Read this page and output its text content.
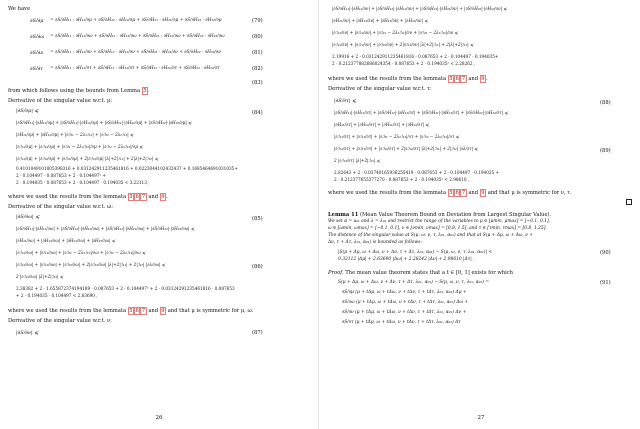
We have
∂S/∂μ = ∂S/∂H₁₁ · ∂H₁₁/∂μ + ∂S/∂H₁₂ · ∂H₁₂/∂μ + ∂S/∂H₂₁ · ∂H₂₁/∂μ + ∂S/∂H₂₂ · ∂H₂₂/∂μ	(79)
∂S/∂ω = ∂S/∂H₁₁ · ∂H₁₁/∂ω + ∂S/∂H₁₂ · ∂H₁₂/∂ω + ∂S/∂H₂₁ · ∂H₂₁/∂ω + ∂S/∂H₂₂ · ∂H₂₂/∂ω	(80)
∂S/∂ν = ∂S/∂H₁₁ · ∂H₁₁/∂ν + ∂S/∂H₁₂ · ∂H₁₂/∂ν + ∂S/∂H₂₁ · ∂H₂₁/∂ν + ∂S/∂H₂₂ · ∂H₂₂/∂ν	(81)
∂S/∂τ = ∂S/∂H₁₁ · ∂H₁₁/∂τ + ∂S/∂H₁₂ · ∂H₁₂/∂τ + ∂S/∂H₂₁ · ∂H₂₁/∂τ + ∂S/∂H₂₂ · ∂H₂₂/∂τ	(82)
(83)
from which follows using the bounds from Lemma 5 .
Derivative of the singular value w.r.t. μ:
|∂S/∂μ| ⩽	(84)
|∂S/∂H₁₁|·|∂H₁₁/∂μ| + |∂S/∂H₁₂|·|∂H₁₂/∂μ| + |∂S/∂H₂₁|·|∂H₂₁/∂μ| + |∂S/∂H₂₂|·|∂H₂₂/∂μ| ⩽
|∂H₁₁/∂μ| + |∂H₁₂/∂μ| + |∂ℐ₂₁ − 2λ₂ℐ₁₂| + |∂ℐ₂₂ − 2λ₂ℐ₁₂| ⩽
|∂ℐ₁₁/∂μ| + |∂ℐ₁₂/∂μ| + |∂ℐ₂₁ − 2λ₂ℐ₁₂|/∂μ + |∂ℐ₂₂ − 2λ₂ℐ₁₂|/∂μ ⩽
|∂ℐ₁₁/∂μ| + |∂ℐ₁₂/∂μ| + |∂ℐ₂₂/∂μ| + 2|∂ℐ₁₂/∂μ| |λ|+2|ℐ₁₁| + 2|λ|+2|ℐ₁₂| ⩽
0.4101049101005398316 + 0.031242911235461816 + 0.0223044102432437 + 0.1685464691031035+
2 · 0.104497 · 0.087653 + 2 · 0.104497² +
2 · 0.194035 · 0.087653 + 2 · 0.104497 · 0.194035 < 3.22113,
where we used the results from the lemmata 5 6 7 and 9 .
Derivative of the singular value w.r.t. ω:
|∂S/∂ω| ⩽	(85)
|∂S/∂H₁₁|·|∂H₁₁/∂ω| + |∂S/∂H₁₂|·|∂H₁₂/∂ω| + |∂S/∂H₂₁|·|∂H₂₁/∂ω| + |∂S/∂H₂₂|·|∂H₂₂/∂ω| ⩽
|∂H₁₁/∂ω| + |∂H₁₂/∂ω| + |∂H₂₁/∂ω| + |∂H₂₂/∂ω| ⩽
|∂ℐ₁₁/∂ω| + |∂ℐ₁₂/∂ω| + |∂ℐ₂₁ − 2λ₂ℐ₁₂|/∂ω + |∂ℐ₂₂ − 2λ₂ℐ₁₂|/∂ω ⩽
|∂ℐ₁₁/∂ω| + |∂ℐ₁₂/∂ω| + |∂ℐ₂₂/∂ω| + 2|∂ℐ₁₂/∂ω| |λ|+2|ℐ₁₁| + 2|ℐ₁₂| |∂λ/∂ω| ⩽	(86)
2 |∂ℐ₁₂/∂ω| |λ|+2|ℐ₁₂| ⩽
2.38382 + 2 · 1.655872374194189 · 0.087653 + 2 · 0.104497² + 2 · 0.03124291235461816 · 0.087653
+ 2 · 0.194035 · 0.104497 < 2.63690 ,
where we used the results from the lemmata 5 6 7 and 9 and that μ is symmetric for μ, ω.
Derivative of the singular value w.r.t. ν:
|∂S/∂ν| ⩽	(87)
26
|∂S/∂H₁₁|·|∂H₁₁/∂ν| + |∂S/∂H₁₂|·|∂H₁₂/∂ν| + |∂S/∂H₂₁|·|∂H₂₁/∂ν| + |∂S/∂H₂₂|·|∂H₂₂/∂ν| ⩽
|∂H₁₁/∂ν| + |∂H₁₂/∂ν| + |∂H₂₁/∂ν| + |∂H₂₂/∂ν| ⩽
|∂ℐ₁₁/∂ν| + |∂ℐ₁₂/∂ν| + |∂ℐ₂₁ − 2λ₂ℐ₁₂|/∂ν + |∂ℐ₂₂ − 2λ₂ℐ₁₂|/∂ν ⩽
|∂ℐ₁₁/∂ν| + |∂ℐ₁₂/∂ν| + |∂ℐ₂₂/∂ν| + 2|∂ℐ₁₂/∂ν| |λ|+2|ℐ₁₁| + 2|λ|+2|ℐ₁₂| ⩽
2.19916 + 2 · 0.031242911235461816 · 0.087653 + 2 · 0.104497 · 0.194035+
2 · 0.212377882686024354 · 0.087653 + 2 · 0.194035² < 2.28262 ,
where we used the results from the lemmata 5 6 7 and 9 .
Derivative of the singular value w.r.t. τ:
|∂S/∂τ| ⩽	(88)
|∂S/∂H₁₁|·|∂H₁₁/∂τ| + |∂S/∂H₁₂|·|∂H₁₂/∂τ| + |∂S/∂H₂₁|·|∂H₂₁/∂τ| + |∂S/∂H₂₂|·|∂H₂₂/∂τ| ⩽
|∂H₁₁/∂τ| + |∂H₁₂/∂τ| + |∂H₂₁/∂τ| + |∂H₂₂/∂τ| ⩽
|∂ℐ₁₁/∂τ| + |∂ℐ₁₂/∂τ| + |∂ℐ₂₁ − 2λ₂ℐ₁₂|/∂τ + |∂ℐ₂₂ − 2λ₂ℐ₁₂|/∂τ ⩽
|∂ℐ₁₁/∂τ| + |∂ℐ₁₂/∂τ| + |∂ℐ₂₂/∂τ| + 2|∂ℐ₁₂/∂τ| |λ|+2|ℐ₁₁| + 2|ℐ₁₂| |∂λ/∂τ| ⩽	(89)
2 |∂ℐ₁₂/∂τ| |λ|+2|ℐ₁₂| ⩽
2.82643 + 2 · 0.03740165936255419 · 0.087653 + 2 · 0.104497 · 0.194035 +
2 · 0.212377655377270 · 0.087653 + 2 · 0.194035² < 2.98610 ,
where we used the results from the lemmata 5 6 7 and 9 and that μ is symmetric for ν, τ.
Lemma 11 (Mean Value Theorem Bound on Deviation from Largest Singular Value).
We set α = a₀₁ and λ = λ₀₁ and restrict the range of the variables to μ ∈ [μmin, μmax] = [−0.1, 0.1],
ω ∈ [ωmin, ωmax] = [−0.1, 0.1], ν ∈ [νmin, νmax] = [0.8, 1.5], and τ ∈ [τmin, τmax] = [0.8, 1.25].
The distance of the singular value at S(μ, ω, ν, τ, λ₀₁, α₀₁) and that at S(μ + Δμ, ω + Δω, ν +
Δν, τ + Δτ, λ₀₁, α₀₁) is bounded as follows:
|S(μ + Δμ, ω + Δω, ν + Δν, τ + Δτ, λ₀₁, α₀₁) − S(μ, ω, ν, τ, λ₀₁, α₀₁)| <	(90)
0.32112 |Δμ| + 2.63690 |Δω| + 2.28242 |Δν| + 2.98610 |Δτ| .
Proof. The mean value theorem states that a t ∈ [0, 1] exists for which
S(μ + Δμ, ω + Δω, ν + Δν, τ + Δτ, λ₀₁, α₀₁) − S(μ, ω, ν, τ, λ₀₁, α₀₁) =	(91)
∂S/∂μ (μ + tΔμ, ω + tΔω, ν + tΔν, τ + tΔτ, λ₀₁, α₀₁) Δμ +
∂S/∂ω (μ + tΔμ, ω + tΔω, ν + tΔν, τ + tΔτ, λ₀₁, α₀₁) Δω +
∂S/∂ν (μ + tΔμ, ω + tΔω, ν + tΔν, τ + tΔτ, λ₀₁, α₀₁) Δν +
∂S/∂τ (μ + tΔμ, ω + tΔω, ν + tΔν, τ + tΔτ, λ₀₁, α₀₁) Δτ
27
